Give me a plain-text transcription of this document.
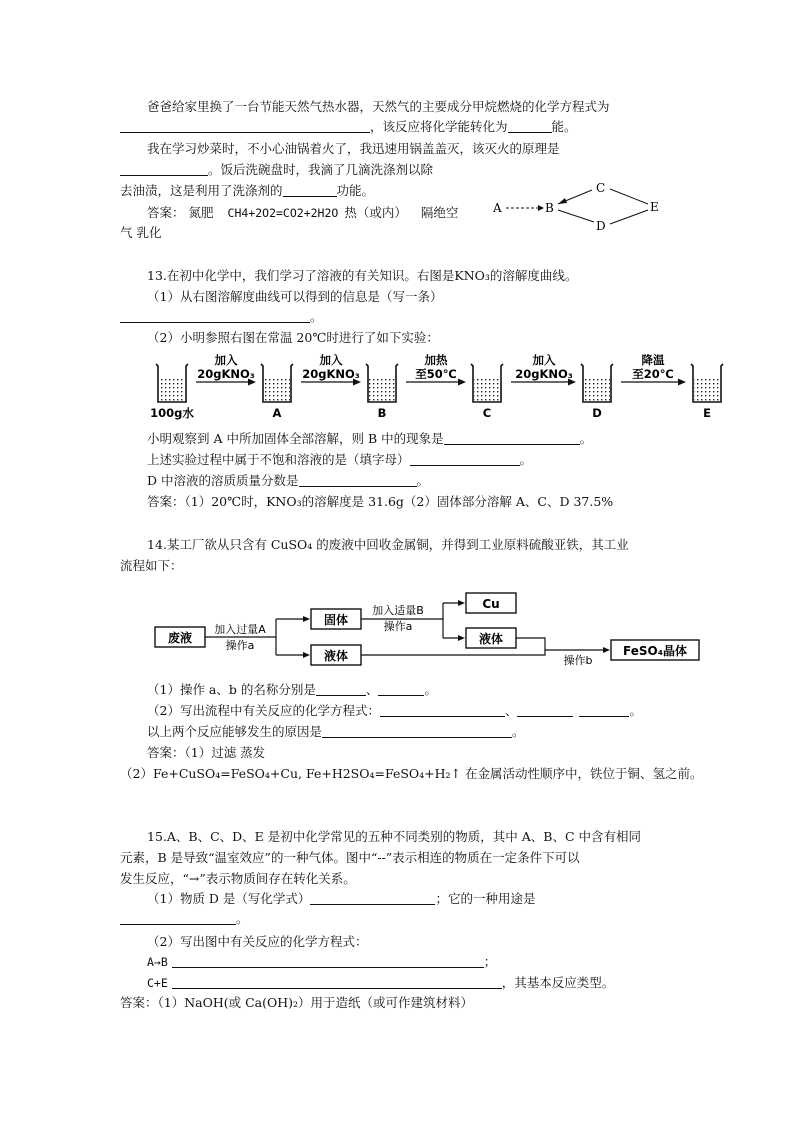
爸爸给家里换了一台节能天然气热水器，天然气的主要成分甲烷燃烧的化学方程式为
，该反应将化学能转化为	能。
我在学习炒菜时，不小心油锅着火了，我迅速用锅盖盖灭，该灭火的原理是
。饭后洗碗盘时，我滴了几滴洗涤剂以除
去油渍，这是利用了洗涤剂的	功能。
答案： 氮肥 CH4+2O2=CO2+2H2O 热（或内） 隔绝空
气 乳化
A	B
C
D
E
13.在初中化学中，我们学习了溶液的有关知识。右图是KNO₃的溶解度曲线。
（1）从右图溶解度曲线可以得到的信息是（写一条）
。
（2）小明参照右图在常温 20℃时进行了如下实验：
加入
20gKNO₃
加入
20gKNO₃
加热
至50℃
加入
20gKNO₃
降温
至20℃
100g水	A	B	C	D	E
小明观察到 A 中所加固体全部溶解，则 B 中的现象是	。
上述实验过程中属于不饱和溶液的是（填字母）	。
D 中溶液的溶质质量分数是	。
答案：（1）20℃时，KNO₃的溶解度是 31.6g（2）固体部分溶解 A、C、D 37.5%
14.某工厂欲从只含有 CuSO₄ 的废液中回收金属铜，并得到工业原料硫酸亚铁，其工业
流程如下：
废液
固体
液体
Cu
液体
FeSO₄晶体
加入过量A
操作a
加入适量B
操作a
操作b
（1）操作 a、b 的名称分别是	、	。
（2）写出流程中有关反应的化学方程式：	、	。
以上两个反应能够发生的原因是	。
答案：（1）过滤 蒸发
（2）Fe+CuSO₄=FeSO₄+Cu, Fe+H2SO₄=FeSO₄+H₂↑ 在金属活动性顺序中，铁位于铜、氢之前。
15.A、B、C、D、E 是初中化学常见的五种不同类别的物质，其中 A、B、C 中含有相同
元素，B 是导致“温室效应”的一种气体。图中“--”表示相连的物质在一定条件下可以
发生反应，“→”表示物质间存在转化关系。
（1）物质 D 是（写化学式）	；它的一种用途是
。
（2）写出图中有关反应的化学方程式：
A→B	；
C+E	，其基本反应类型。
答案：（1）NaOH(或 Ca(OH)₂）用于造纸（或可作建筑材料）
